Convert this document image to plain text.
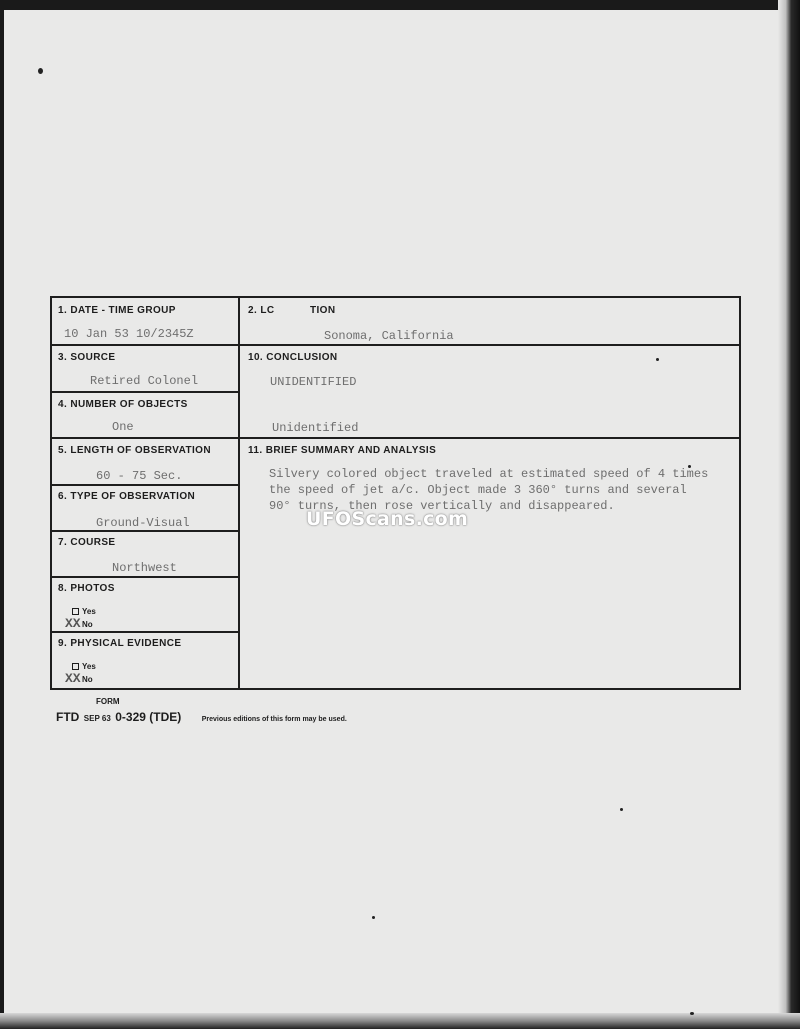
1. DATE - TIME GROUP
10 Jan 53 10/2345Z
2. LC	TION
Sonoma, California
3. SOURCE
Retired Colonel
10. CONCLUSION
UNIDENTIFIED
Unidentified
4. NUMBER OF OBJECTS
One
5. LENGTH OF OBSERVATION
60 - 75 Sec.
11. BRIEF SUMMARY AND ANALYSIS
Silvery colored object traveled at estimated speed of 4 times
the speed of jet a/c. Object made 3 360° turns and several
90° turns, then rose vertically and disappeared.
6. TYPE OF OBSERVATION
Ground-Visual
7. COURSE
Northwest
8. PHOTOS
Yes
No
XX
9. PHYSICAL EVIDENCE
Yes
No
XX
FORM
FTD SEP 63 0-329 (TDE)	Previous editions of this form may be used.
UFOScans.com
